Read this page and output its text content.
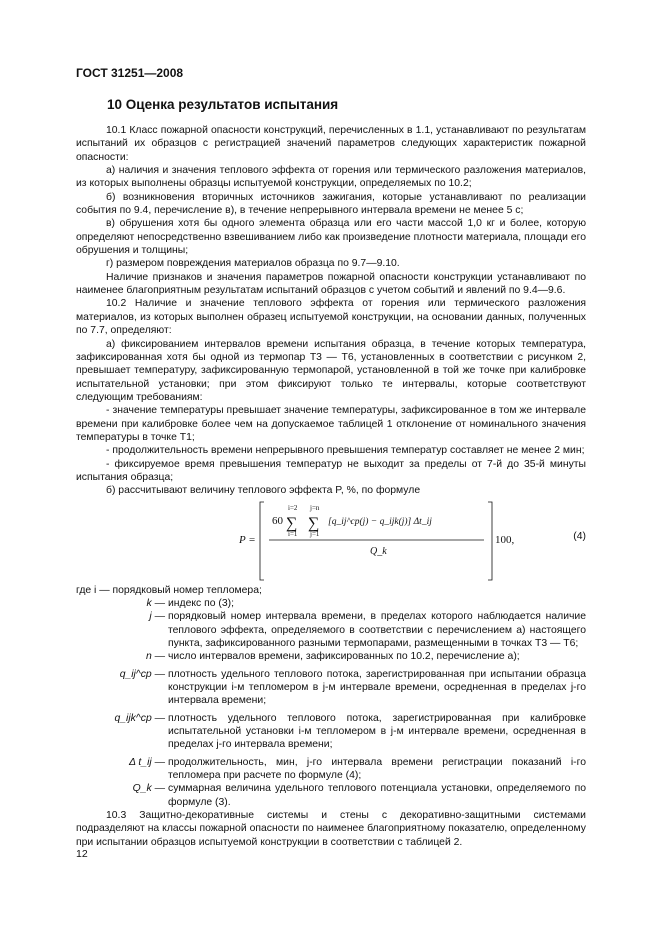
ГОСТ 31251—2008
10 Оценка результатов испытания

10.1 Класс пожарной опасности конструкций, перечисленных в 1.1, устанавливают по результатам испытаний их образцов с регистрацией значений параметров следующих характеристик пожарной опасности:

а) наличия и значения теплового эффекта от горения или термического разложения материалов, из которых выполнены образцы испытуемой конструкции, определяемых по 10.2;

б) возникновения вторичных источников зажигания, которые устанавливают по реализации события по 9.4, перечисление в), в течение непрерывного интервала времени не менее 5 с;

в) обрушения хотя бы одного элемента образца или его части массой 1,0 кг и более, которую определяют непосредственно взвешиванием либо как произведение плотности материала, площади его обрушения и толщины;

г) размером повреждения материалов образца по 9.7—9.10.

Наличие признаков и значения параметров пожарной опасности конструкции устанавливают по наименее благоприятным результатам испытаний образцов с учетом событий и явлений по 9.4—9.6.

10.2 Наличие и значение теплового эффекта от горения или термического разложения материалов, из которых выполнен образец испытуемой конструкции, на основании данных, полученных по 7.7, определяют:

а) фиксированием интервалов времени испытания образца, в течение которых температура, зафиксированная хотя бы одной из термопар Т3 — Т6, установленных в соответствии с рисунком 2, превышает температуру, зафиксированную термопарой, установленной в той же точке при калибровке испытательной установки; при этом фиксируют только те интервалы, которые соответствуют следующим требованиям:

- значение температуры превышает значение температуры, зафиксированное в том же интервале времени при калибровке более чем на допускаемое таблицей 1 отклонение от номинального значения температуры в точке Т1;

- продолжительность времени непрерывного превышения температур составляет не менее 2 мин;

- фиксируемое время превышения температур не выходит за пределы от 7-й до 35-й минуты испытания образца;

б) рассчитывают величину теплового эффекта P, %, по формуле

P =
60
i=2
∑
i=1
j=n
∑
j=1
[q_ij^ср(j) − q_ijk(j)] Δt_ij
Q_k
100,	(4)

где i — порядковый номер тепломера;

k — индекс по (3);
j — порядковый номер интервала времени, в пределах которого наблюдается наличие теплового эффекта, определяемого в соответствии с перечислением а) настоящего пункта, зафиксированного разными термопарами, размещенными в точках Т3 — Т6;
n — число интервалов времени, зафиксированных по 10.2, перечисление а);
q_ij^ср — плотность удельного теплового потока, зарегистрированная при испытании образца конструкции i-м тепломером в j-м интервале времени, осредненная в пределах j-го интервала времени;
q_ijk^ср — плотность удельного теплового потока, зарегистрированная при калибровке испытательной установки i-м тепломером в j-м интервале времени, осредненная в пределах j-го интервала времени;
Δ t_ij — продолжительность, мин, j-го интервала времени регистрации показаний i-го тепломера при расчете по формуле (4);
Q_k — суммарная величина удельного теплового потенциала установки, определяемого по формуле (3).

10.3 Защитно-декоративные системы и стены с декоративно-защитными системами подразделяют на классы пожарной опасности по наименее благоприятному показателю, определенному при испытании образцов испытуемой конструкции в соответствии с таблицей 2.

12
